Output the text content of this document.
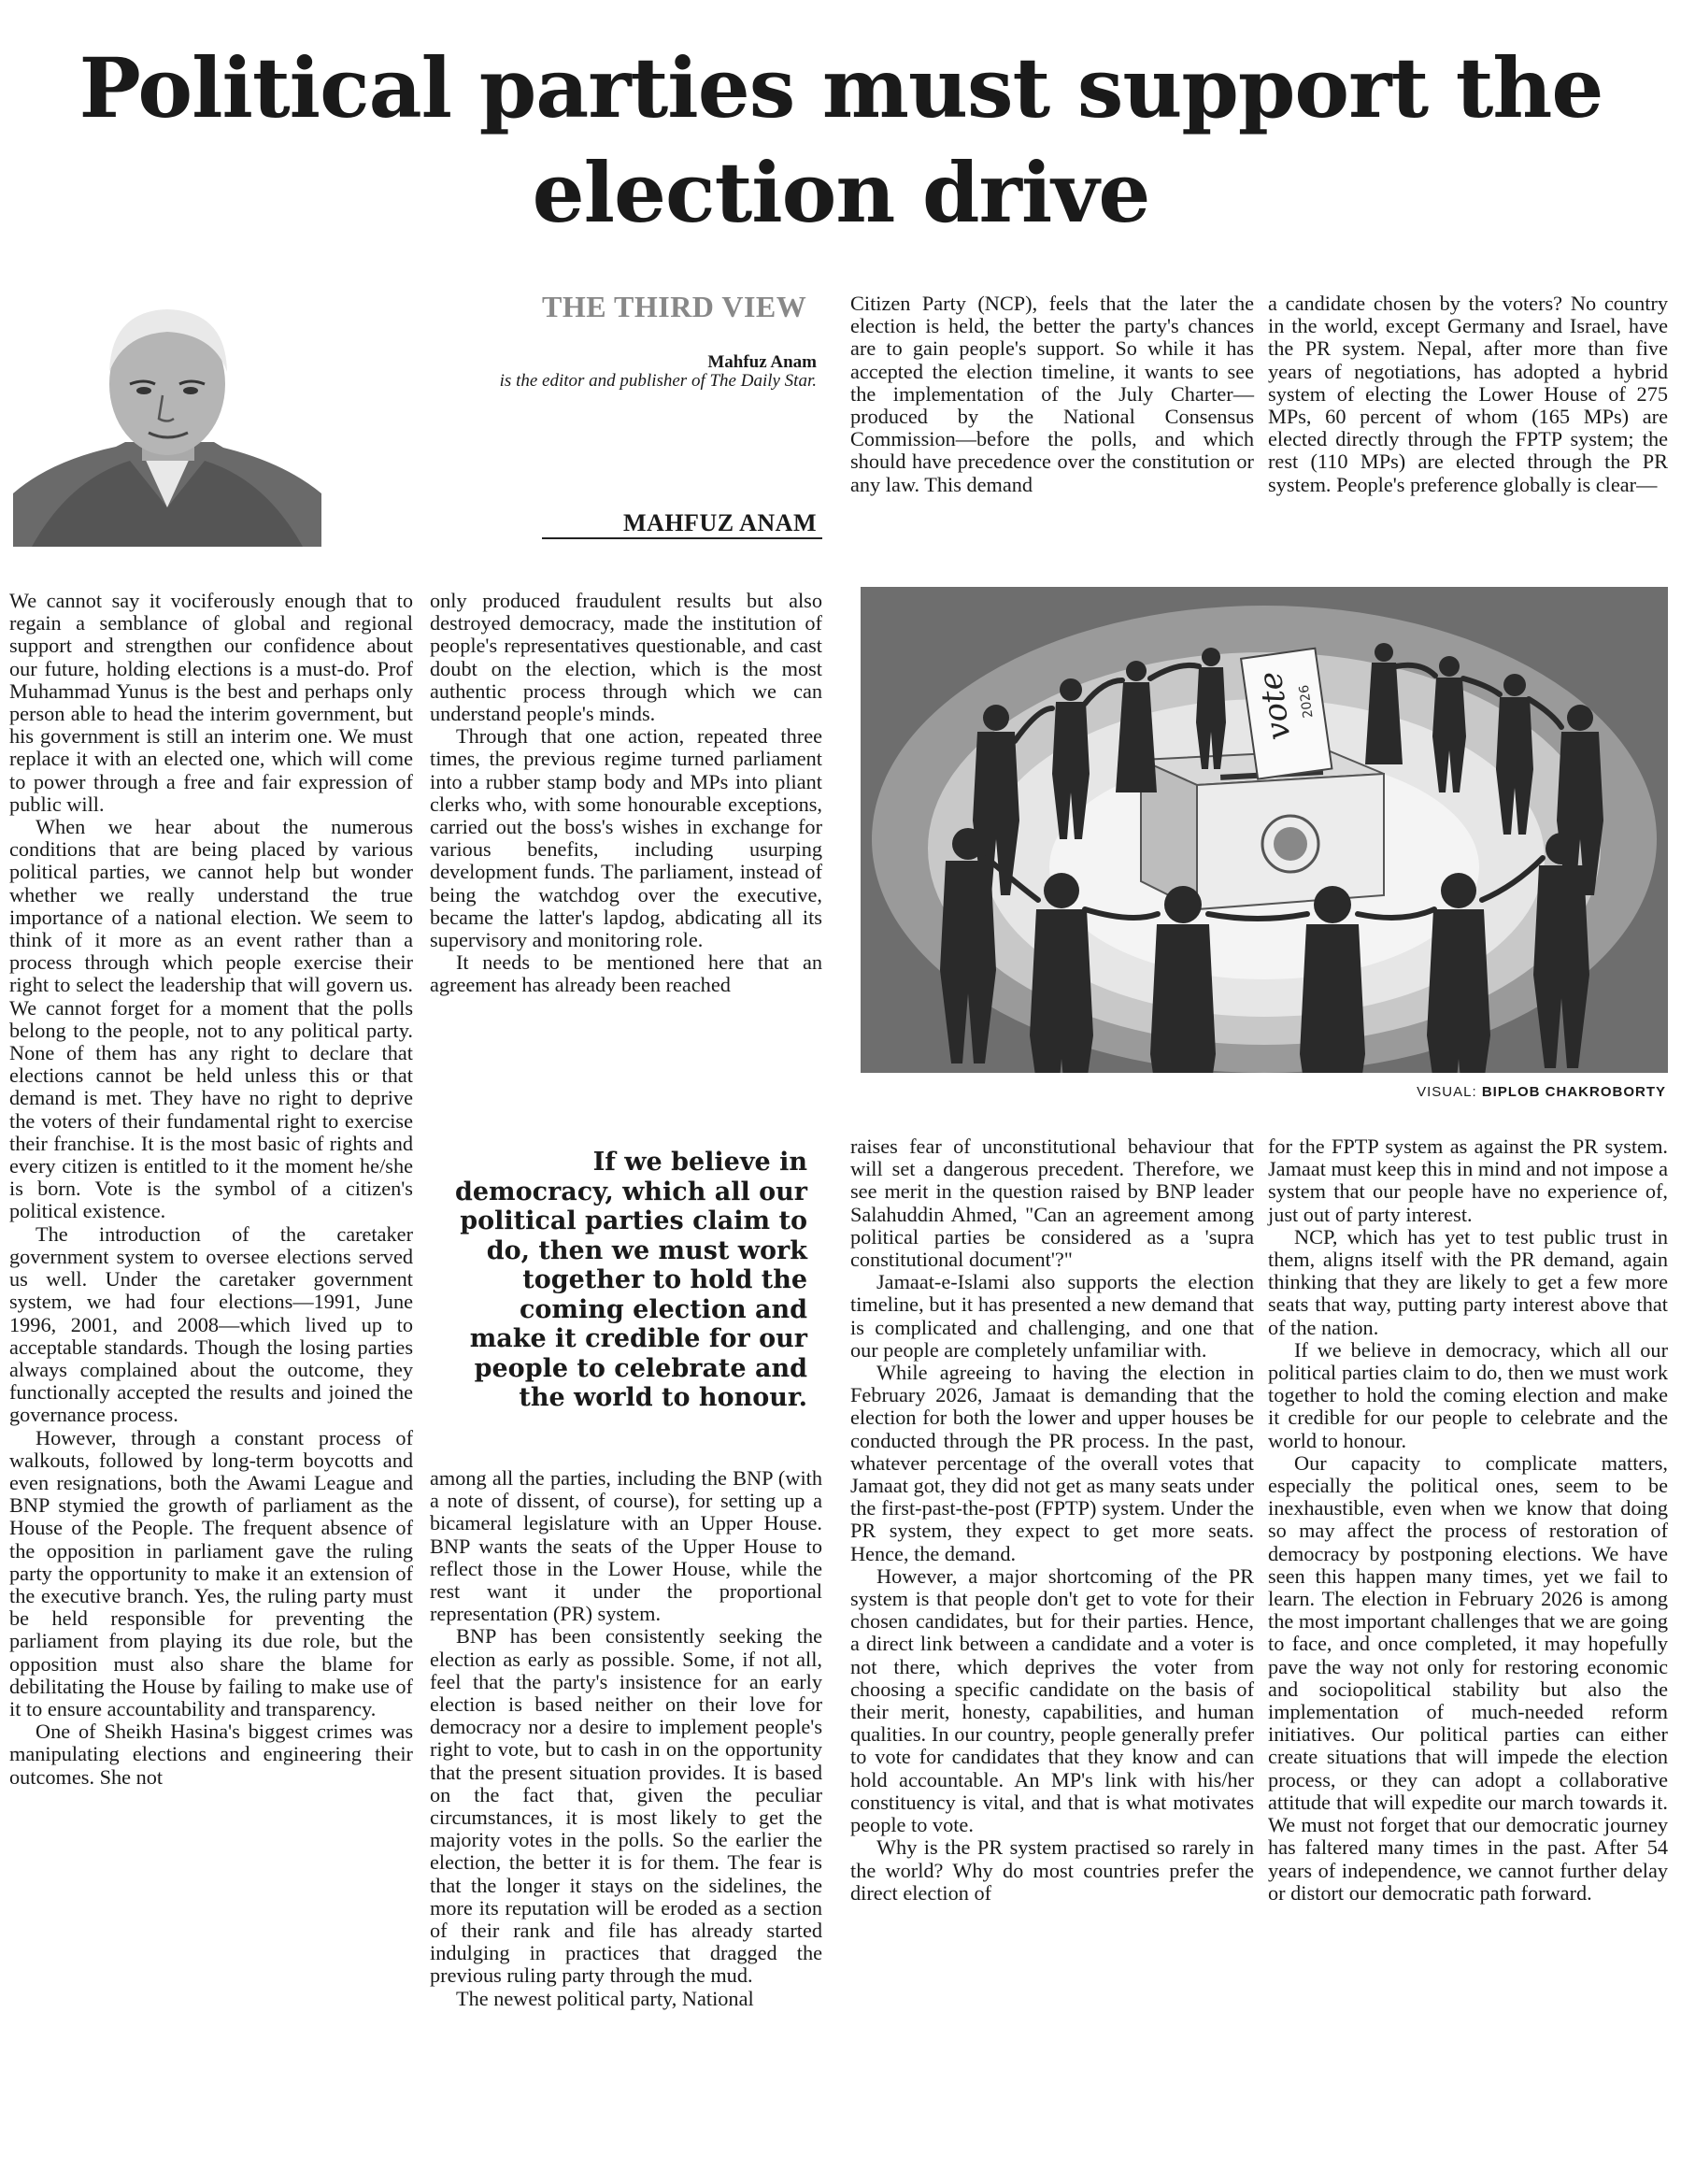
Political parties must support the election drive
THE THIRD VIEW
Mahfuz Anam
is the editor and publisher of The Daily Star.
MAHFUZ ANAM

Citizen Party (NCP), feels that the later the election is held, the better the party's chances are to gain people's support. So while it has accepted the election timeline, it wants to see the implementation of the July Charter—produced by the National Consensus Commission—before the polls, and which should have precedence over the constitution or any law. This demand

a candidate chosen by the voters? No country in the world, except Germany and Israel, have the PR system. Nepal, after more than five years of negotiations, has adopted a hybrid system of electing the Lower House of 275 MPs, 60 percent of whom (165 MPs) are elected directly through the FPTP system; the rest (110 MPs) are elected through the PR system. People's preference globally is clear—

We cannot say it vociferously enough that to regain a semblance of global and regional support and strengthen our confidence about our future, holding elections is a must-do. Prof Muhammad Yunus is the best and perhaps only person able to head the interim government, but his government is still an interim one. We must replace it with an elected one, which will come to power through a free and fair expression of public will.

When we hear about the numerous conditions that are being placed by various political parties, we cannot help but wonder whether we really understand the true importance of a national election. We seem to think of it more as an event rather than a process through which people exercise their right to select the leadership that will govern us. We cannot forget for a moment that the polls belong to the people, not to any political party. None of them has any right to declare that elections cannot be held unless this or that demand is met. They have no right to deprive the voters of their fundamental right to exercise their franchise. It is the most basic of rights and every citizen is entitled to it the moment he/she is born. Vote is the symbol of a citizen's political existence.

The introduction of the caretaker government system to oversee elections served us well. Under the caretaker government system, we had four elections—1991, June 1996, 2001, and 2008—which lived up to acceptable standards. Though the losing parties always complained about the outcome, they functionally accepted the results and joined the governance process.

However, through a constant process of walkouts, followed by long-term boycotts and even resignations, both the Awami League and BNP stymied the growth of parliament as the House of the People. The frequent absence of the opposition in parliament gave the ruling party the opportunity to make it an extension of the executive branch. Yes, the ruling party must be held responsible for preventing the parliament from playing its due role, but the opposition must also share the blame for debilitating the House by failing to make use of it to ensure accountability and transparency.

One of Sheikh Hasina's biggest crimes was manipulating elections and engineering their outcomes. She not

only produced fraudulent results but also destroyed democracy, made the institution of people's representatives questionable, and cast doubt on the election, which is the most authentic process through which we can understand people's minds.

Through that one action, repeated three times, the previous regime turned parliament into a rubber stamp body and MPs into pliant clerks who, with some honourable exceptions, carried out the boss's wishes in exchange for various benefits, including usurping development funds. The parliament, instead of being the watchdog over the executive, became the latter's lapdog, abdicating all its supervisory and monitoring role.

It needs to be mentioned here that an agreement has already been reached

If we believe in democracy, which all our political parties claim to do, then we must work together to hold the coming election and make it credible for our people to celebrate and the world to honour.

among all the parties, including the BNP (with a note of dissent, of course), for setting up a bicameral legislature with an Upper House. BNP wants the seats of the Upper House to reflect those in the Lower House, while the rest want it under the proportional representation (PR) system.

BNP has been consistently seeking the election as early as possible. Some, if not all, feel that the party's insistence for an early election is based neither on their love for democracy nor a desire to implement people's right to vote, but to cash in on the opportunity that the present situation provides. It is based on the fact that, given the peculiar circumstances, it is most likely to get the majority votes in the polls. So the earlier the election, the better it is for them. The fear is that the longer it stays on the sidelines, the more its reputation will be eroded as a section of their rank and file has already started indulging in practices that dragged the previous ruling party through the mud.

The newest political party, National

vote
2026
VISUAL: BIPLOB CHAKROBORTY

raises fear of unconstitutional behaviour that will set a dangerous precedent. Therefore, we see merit in the question raised by BNP leader Salahuddin Ahmed, "Can an agreement among political parties be considered as a 'supra constitutional document'?"

Jamaat-e-Islami also supports the election timeline, but it has presented a new demand that is complicated and challenging, and one that our people are completely unfamiliar with.

While agreeing to having the election in February 2026, Jamaat is demanding that the election for both the lower and upper houses be conducted through the PR process. In the past, whatever percentage of the overall votes that Jamaat got, they did not get as many seats under the first-past-the-post (FPTP) system. Under the PR system, they expect to get more seats. Hence, the demand.

However, a major shortcoming of the PR system is that people don't get to vote for their chosen candidates, but for their parties. Hence, a direct link between a candidate and a voter is not there, which deprives the voter from choosing a specific candidate on the basis of their merit, honesty, capabilities, and human qualities. In our country, people generally prefer to vote for candidates that they know and can hold accountable. An MP's link with his/her constituency is vital, and that is what motivates people to vote.

Why is the PR system practised so rarely in the world? Why do most countries prefer the direct election of

for the FPTP system as against the PR system. Jamaat must keep this in mind and not impose a system that our people have no experience of, just out of party interest.

NCP, which has yet to test public trust in them, aligns itself with the PR demand, again thinking that they are likely to get a few more seats that way, putting party interest above that of the nation.

If we believe in democracy, which all our political parties claim to do, then we must work together to hold the coming election and make it credible for our people to celebrate and the world to honour.

Our capacity to complicate matters, especially the political ones, seem to be inexhaustible, even when we know that doing so may affect the process of restoration of democracy by postponing elections. We have seen this happen many times, yet we fail to learn. The election in February 2026 is among the most important challenges that we are going to face, and once completed, it may hopefully pave the way not only for restoring economic and sociopolitical stability but also the implementation of much-needed reform initiatives. Our political parties can either create situations that will impede the election process, or they can adopt a collaborative attitude that will expedite our march towards it. We must not forget that our democratic journey has faltered many times in the past. After 54 years of independence, we cannot further delay or distort our democratic path forward.
